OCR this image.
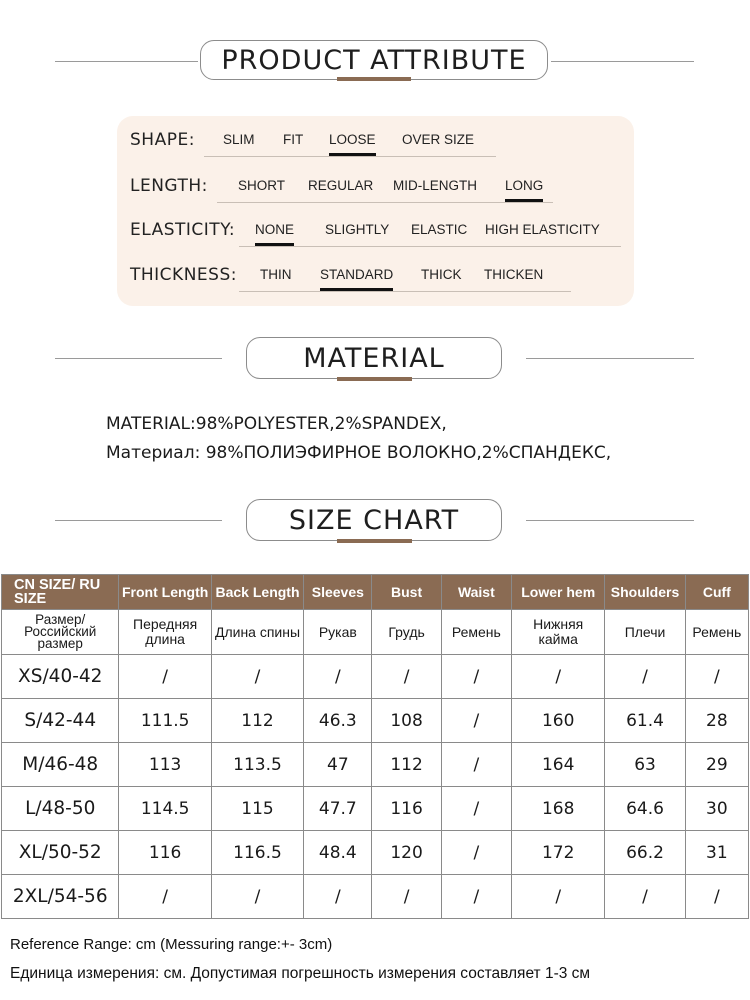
PRODUCT ATTRIBUTE
SHAPE: SLIM FIT LOOSE OVER SIZE
LENGTH: SHORT REGULAR MID-LENGTH LONG
ELASTICITY: NONE SLIGHTLY ELASTIC HIGH ELASTICITY
THICKNESS: THIN STANDARD THICK THICKEN
MATERIAL
MATERIAL:98%POLYESTER,2%SPANDEX,
Материал: 98%ПОЛИЭФИРНОЕ ВОЛОКНО,2%СПАНДЕКС,
SIZE CHART
CN SIZE/ RU SIZE	Front Length	Back Length	Sleeves	Bust	Waist	Lower hem	Shoulders	Cuff
Размер/ Российский размер	Передняя длина	Длина спины	Рукав	Грудь	Ремень	Нижняя кайма	Плечи	Ремень
XS/40-42	/	/	/	/	/	/	/	/
S/42-44	111.5	112	46.3	108	/	160	61.4	28
M/46-48	113	113.5	47	112	/	164	63	29
L/48-50	114.5	115	47.7	116	/	168	64.6	30
XL/50-52	116	116.5	48.4	120	/	172	66.2	31
2XL/54-56	/	/	/	/	/	/	/	/
Reference Range: cm (Messuring range:+- 3cm)
Единица измерения: см. Допустимая погрешность измерения составляет 1-3 см
